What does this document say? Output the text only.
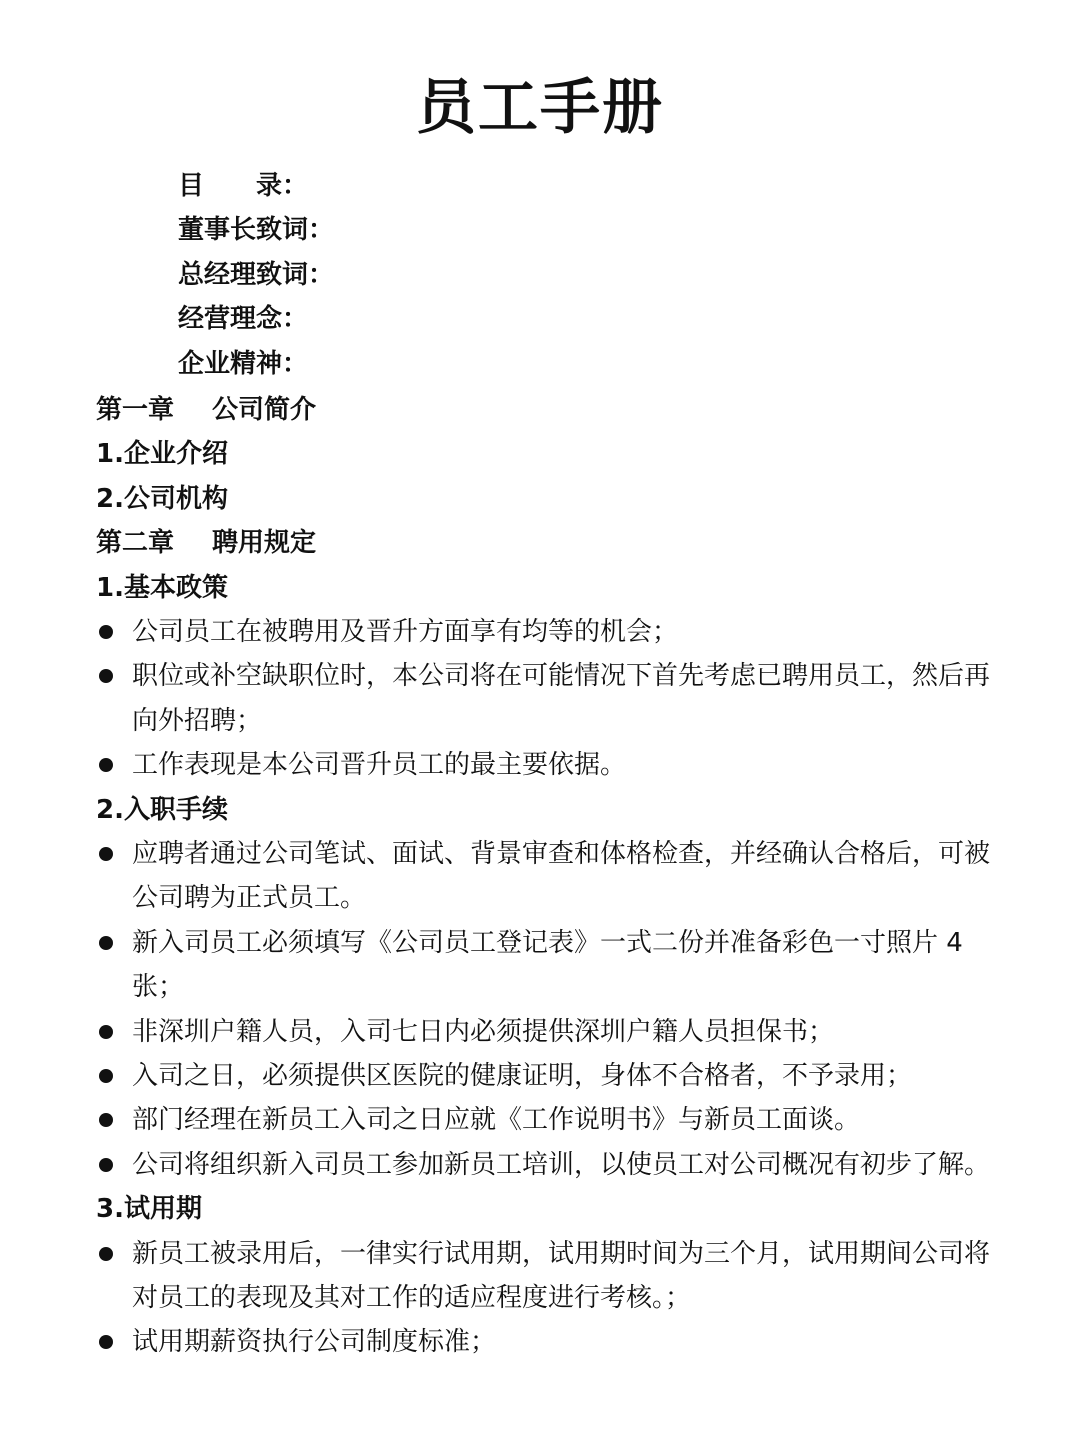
员工手册
目　　录：
董事长致词：
总经理致词：
经营理念：
企业精神：
第一章 公司简介
1.企业介绍
2.公司机构
第二章 聘用规定
1.基本政策
公司员工在被聘用及晋升方面享有均等的机会；
职位或补空缺职位时，本公司将在可能情况下首先考虑已聘用员工，然后再向外招聘；
工作表现是本公司晋升员工的最主要依据。
2.入职手续
应聘者通过公司笔试、面试、背景审查和体格检查，并经确认合格后，可被公司聘为正式员工。
新入司员工必须填写《公司员工登记表》一式二份并准备彩色一寸照片 4 张；
非深圳户籍人员，入司七日内必须提供深圳户籍人员担保书；
入司之日，必须提供区医院的健康证明，身体不合格者，不予录用；
部门经理在新员工入司之日应就《工作说明书》与新员工面谈。
公司将组织新入司员工参加新员工培训，以使员工对公司概况有初步了解。
3.试用期
新员工被录用后，一律实行试用期，试用期时间为三个月，试用期间公司将对员工的表现及其对工作的适应程度进行考核。；
试用期薪资执行公司制度标准；
